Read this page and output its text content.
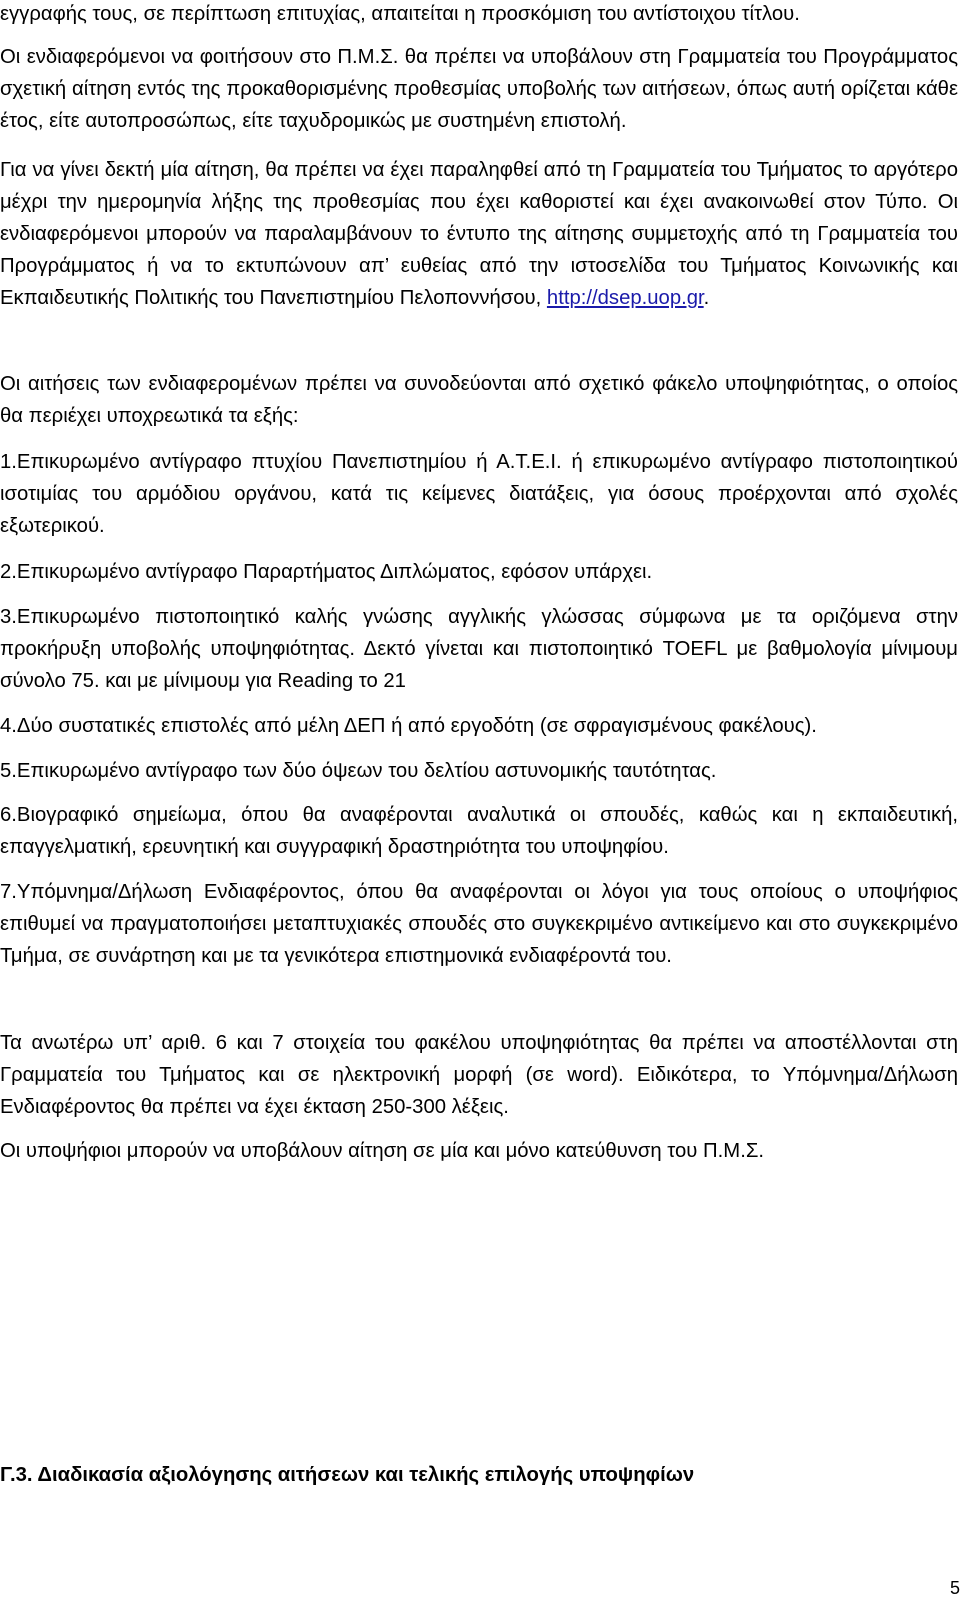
εγγραφής τους, σε περίπτωση επιτυχίας, απαιτείται η προσκόμιση του αντίστοιχου τίτλου.

Οι ενδιαφερόμενοι να φοιτήσουν στο Π.Μ.Σ. θα πρέπει να υποβάλουν στη Γραμματεία του Προγράμματος σχετική αίτηση εντός της προκαθορισμένης προθεσμίας υποβολής των αιτήσεων, όπως αυτή ορίζεται κάθε έτος, είτε αυτοπροσώπως, είτε ταχυδρομικώς με συστημένη επιστολή.

Για να γίνει δεκτή μία αίτηση, θα πρέπει να έχει παραληφθεί από τη Γραμματεία του Τμήματος το αργότερο μέχρι την ημερομηνία λήξης της προθεσμίας που έχει καθοριστεί και έχει ανακοινωθεί στον Τύπο. Οι ενδιαφερόμενοι μπορούν να παραλαμβάνουν το έντυπο της αίτησης συμμετοχής από τη Γραμματεία του Προγράμματος ή να το εκτυπώνουν απ’ ευθείας από την ιστοσελίδα του Τμήματος Κοινωνικής και Εκπαιδευτικής Πολιτικής του Πανεπιστημίου Πελοποννήσου, http://dsep.uop.gr.

Οι αιτήσεις των ενδιαφερομένων πρέπει να συνοδεύονται από σχετικό φάκελο υποψηφιότητας, ο οποίος θα περιέχει υποχρεωτικά τα εξής:

1.Επικυρωμένο αντίγραφο πτυχίου Πανεπιστημίου ή Α.Τ.Ε.Ι. ή επικυρωμένο αντίγραφο πιστοποιητικού ισοτιμίας του αρμόδιου οργάνου, κατά τις κείμενες διατάξεις, για όσους προέρχονται από σχολές εξωτερικού.

2.Επικυρωμένο αντίγραφο Παραρτήματος Διπλώματος, εφόσον υπάρχει.

3.Επικυρωμένο πιστοποιητικό καλής γνώσης αγγλικής γλώσσας σύμφωνα με τα οριζόμενα στην προκήρυξη υποβολής υποψηφιότητας. Δεκτό γίνεται και πιστοποιητικό TOEFL με βαθμολογία μίνιμουμ σύνολο 75. και με μίνιμουμ για Reading το 21

4.Δύο συστατικές επιστολές από μέλη ΔΕΠ ή από εργοδότη (σε σφραγισμένους φακέλους).

5.Επικυρωμένο αντίγραφο των δύο όψεων του δελτίου αστυνομικής ταυτότητας.

6.Βιογραφικό σημείωμα, όπου θα αναφέρονται αναλυτικά οι σπουδές, καθώς και η εκπαιδευτική, επαγγελματική, ερευνητική και συγγραφική δραστηριότητα του υποψηφίου.

7.Υπόμνημα/Δήλωση Ενδιαφέροντος, όπου θα αναφέρονται οι λόγοι για τους οποίους ο υποψήφιος επιθυμεί να πραγματοποιήσει μεταπτυχιακές σπουδές στο συγκεκριμένο αντικείμενο και στο συγκεκριμένο Τμήμα, σε συνάρτηση και με τα γενικότερα επιστημονικά ενδιαφέροντά του.

Τα ανωτέρω υπ’ αριθ. 6 και 7 στοιχεία του φακέλου υποψηφιότητας θα πρέπει να αποστέλλονται στη Γραμματεία του Τμήματος και σε ηλεκτρονική μορφή (σε word). Ειδικότερα, το Υπόμνημα/Δήλωση Ενδιαφέροντος θα πρέπει να έχει έκταση 250-300 λέξεις.

Οι υποψήφιοι μπορούν να υποβάλουν αίτηση σε μία και μόνο κατεύθυνση του Π.Μ.Σ.

Γ.3. Διαδικασία αξιολόγησης αιτήσεων και τελικής επιλογής υποψηφίων

5
